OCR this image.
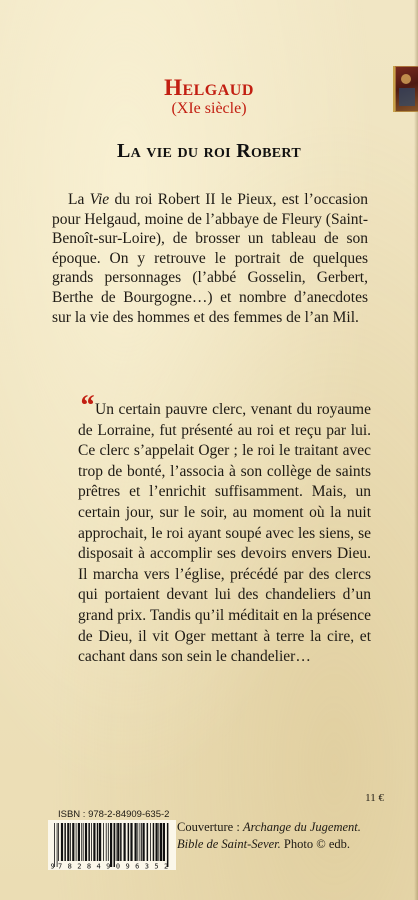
Helgaud
(XIe siècle)
La vie du roi Robert

La Vie du roi Robert II le Pieux, est l’occasion pour Helgaud, moine de l’abbaye de Fleury (Saint-Benoît-sur-Loire), de brosser un tableau de son époque. On y retrouve le portrait de quelques grands personnages (l’abbé Gosselin, Gerbert, Berthe de Bourgogne…) et nombre d’anecdotes sur la vie des hommes et des femmes de l’an Mil.

“ Un certain pauvre clerc, venant du royaume de Lorraine, fut présenté au roi et reçu par lui. Ce clerc s’appelait Oger ; le roi le traitant avec trop de bonté, l’associa à son collège de saints prêtres et l’enrichit suffisamment. Mais, un certain jour, sur le soir, au moment où la nuit approchait, le roi ayant soupé avec les siens, se disposait à accomplir ses devoirs envers Dieu. Il marcha vers l’église, précédé par des clercs qui portaient devant lui des chandeliers d’un grand prix. Tandis qu’il méditait en la présence de Dieu, il vit Oger mettant à terre la cire, et cachant dans son sein le chandelier…

11 €
ISBN : 978-2-84909-635-2
9 7 8 2 8 4 9 0 9 6 3 5 2

Couverture : Archange du Jugement.
Bible de Saint-Sever. Photo © edb.
